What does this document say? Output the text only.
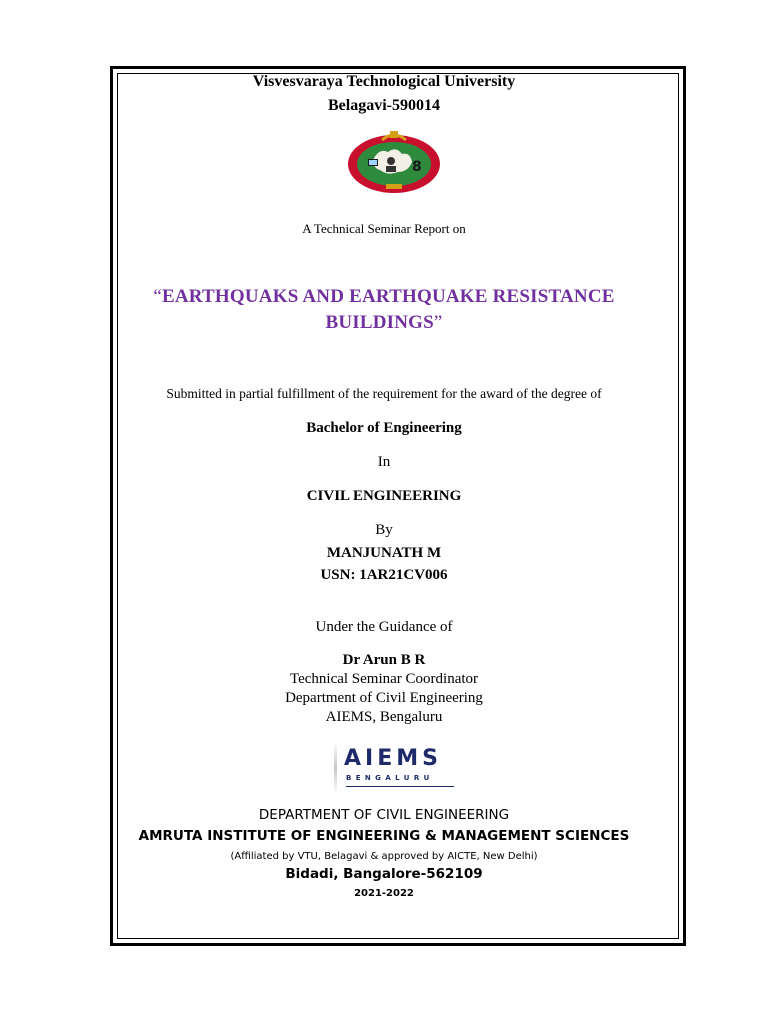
Visvesvaraya Technological University
Belagavi-590014
8
A Technical Seminar Report on
“EARTHQUAKS AND EARTHQUAKE RESISTANCE
BUILDINGS”
Submitted in partial fulfillment of the requirement for the award of the degree of
Bachelor of Engineering
In
CIVIL ENGINEERING
By
MANJUNATH M
USN: 1AR21CV006
Under the Guidance of
Dr Arun B R
Technical Seminar Coordinator
Department of Civil Engineering
AIEMS, Bengaluru
AIEMS
BENGALURU
DEPARTMENT OF CIVIL ENGINEERING
AMRUTA INSTITUTE OF ENGINEERING & MANAGEMENT SCIENCES
(Affiliated by VTU, Belagavi & approved by AICTE, New Delhi)
Bidadi, Bangalore-562109
2021-2022
